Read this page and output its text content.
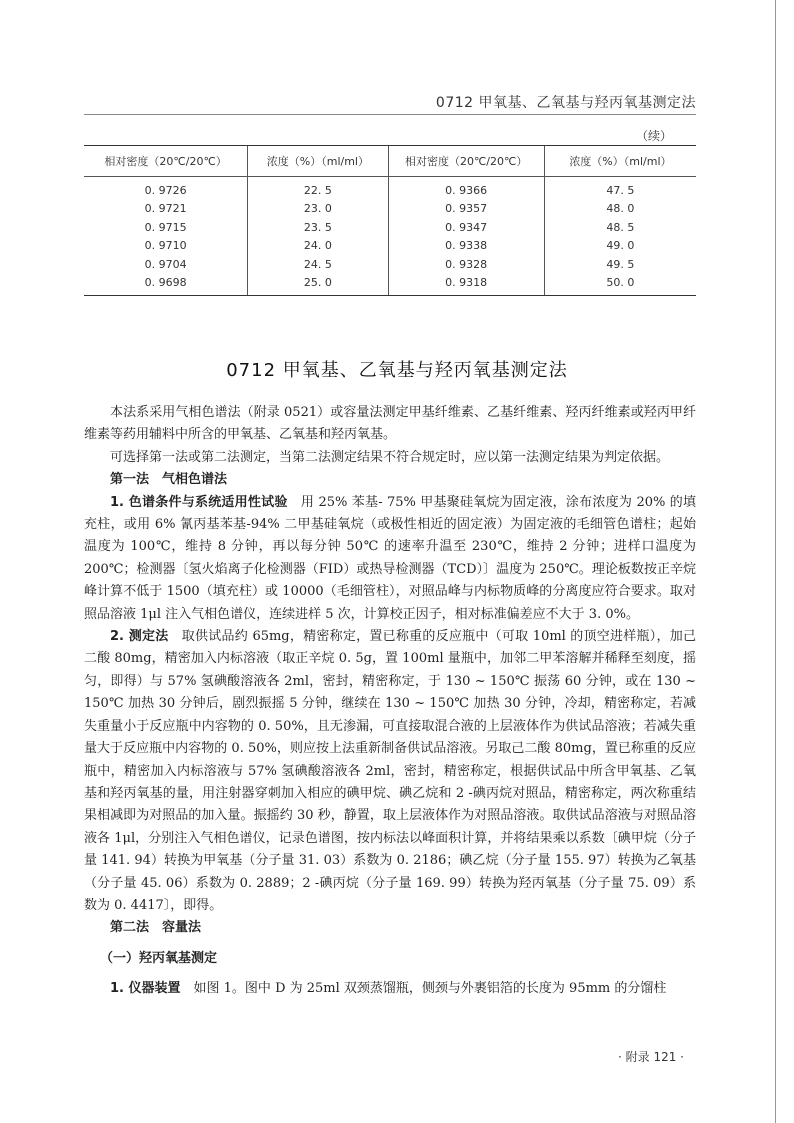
0712 甲氧基、乙氧基与羟丙氧基测定法
（续）
相对密度（20℃/20℃）	浓度（%）（ml/ml）	相对密度（20℃/20℃）	浓度（%）（ml/ml）
0. 9726	22. 5	0. 9366	47. 5
0. 9721	23. 0	0. 9357	48. 0
0. 9715	23. 5	0. 9347	48. 5
0. 9710	24. 0	0. 9338	49. 0
0. 9704	24. 5	0. 9328	49. 5
0. 9698	25. 0	0. 9318	50. 0
0712 甲氧基、乙氧基与羟丙氧基测定法

本法系采用气相色谱法（附录 0521）或容量法测定甲基纤维素、乙基纤维素、羟丙纤维素或羟丙甲纤维素等药用辅料中所含的甲氧基、乙氧基和羟丙氧基。

可选择第一法或第二法测定，当第二法测定结果不符合规定时，应以第一法测定结果为判定依据。

第一法　气相色谱法

1. 色谱条件与系统适用性试验　 用 25% 苯基- 75% 甲基聚硅氧烷为固定液，涂布浓度为 20% 的填充柱，或用 6% 氰丙基苯基-94% 二甲基硅氧烷（或极性相近的固定液）为固定液的毛细管色谱柱；起始温度为 100℃，维持 8 分钟，再以每分钟 50℃ 的速率升温至 230℃，维持 2 分钟；进样口温度为 200℃；检测器〔氢火焰离子化检测器（FID）或热导检测器（TCD）〕温度为 250℃。理论板数按正辛烷峰计算不低于 1500（填充柱）或 10000（毛细管柱），对照品峰与内标物质峰的分离度应符合要求。取对照品溶液 1μl 注入气相色谱仪，连续进样 5 次，计算校正因子，相对标准偏差应不大于 3. 0%。

2. 测定法　 取供试品约 65mg，精密称定，置已称重的反应瓶中（可取 10ml 的顶空进样瓶），加己二酸 80mg，精密加入内标溶液（取正辛烷 0. 5g，置 100ml 量瓶中，加邻二甲苯溶解并稀释至刻度，摇匀，即得）与 57% 氢碘酸溶液各 2ml，密封，精密称定，于 130 ~ 150℃ 振荡 60 分钟，或在 130 ~ 150℃ 加热 30 分钟后，剧烈振摇 5 分钟，继续在 130 ~ 150℃ 加热 30 分钟，冷却，精密称定，若减失重量小于反应瓶中内容物的 0. 50%，且无渗漏，可直接取混合液的上层液体作为供试品溶液；若减失重量大于反应瓶中内容物的 0. 50%，则应按上法重新制备供试品溶液。另取己二酸 80mg，置已称重的反应瓶中，精密加入内标溶液与 57% 氢碘酸溶液各 2ml，密封，精密称定，根据供试品中所含甲氧基、乙氧基和羟丙氧基的量，用注射器穿刺加入相应的碘甲烷、碘乙烷和 2 -碘丙烷对照品，精密称定，两次称重结果相减即为对照品的加入量。振摇约 30 秒，静置，取上层液体作为对照品溶液。取供试品溶液与对照品溶液各 1μl，分别注入气相色谱仪，记录色谱图，按内标法以峰面积计算，并将结果乘以系数〔碘甲烷（分子量 141. 94）转换为甲氧基（分子量 31. 03）系数为 0. 2186；碘乙烷（分子量 155. 97）转换为乙氧基（分子量 45. 06）系数为 0. 2889；2 -碘丙烷（分子量 169. 99）转换为羟丙氧基（分子量 75. 09）系数为 0. 4417〕，即得。

第二法　容量法

（一）羟丙氧基测定

1. 仪器装置　 如图 1。图中 D 为 25ml 双颈蒸馏瓶，侧颈与外裹铝箔的长度为 95mm 的分馏柱

· 附录 121 ·
